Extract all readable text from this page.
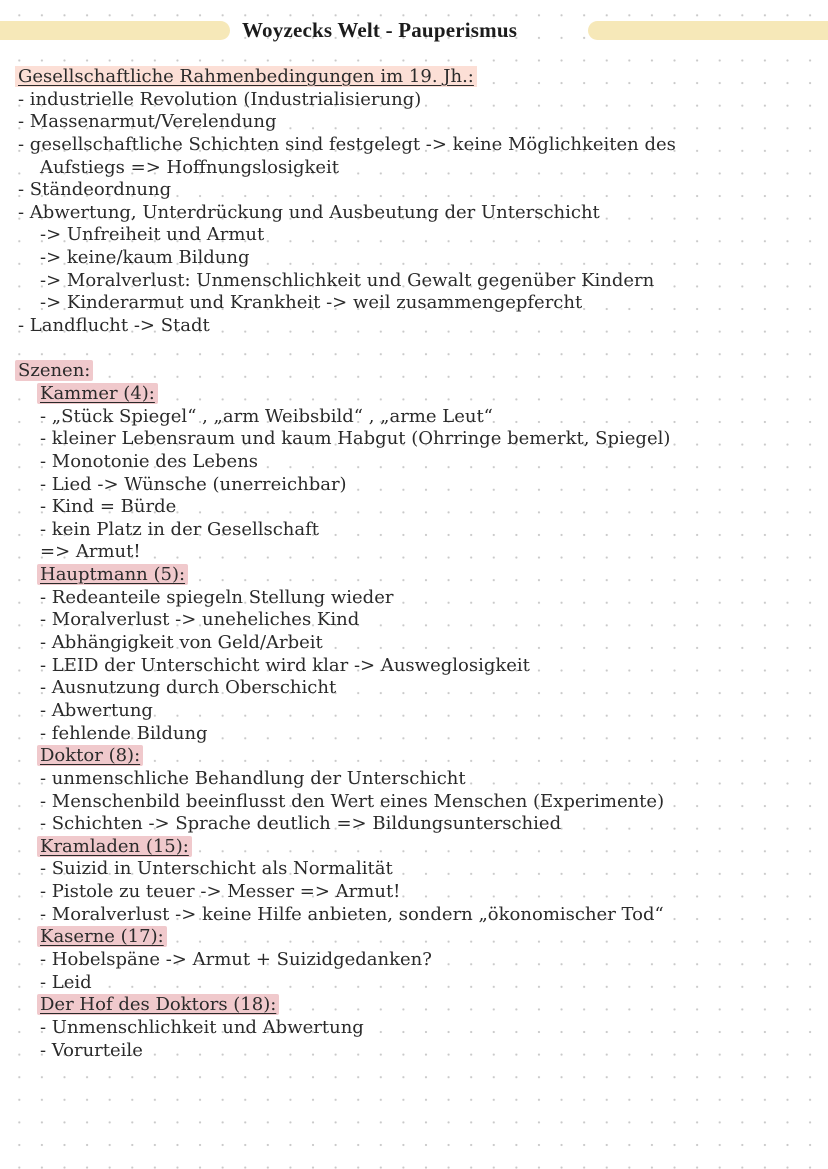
Woyzecks Welt - Pauperismus
Gesellschaftliche Rahmenbedingungen im 19. Jh.:
- industrielle Revolution (Industrialisierung)
- Massenarmut/Verelendung
- gesellschaftliche Schichten sind festgelegt -> keine Möglichkeiten des
Aufstiegs => Hoffnungslosigkeit
- Ständeordnung
- Abwertung, Unterdrückung und Ausbeutung der Unterschicht
-> Unfreiheit und Armut
-> keine/kaum Bildung
-> Moralverlust: Unmenschlichkeit und Gewalt gegenüber Kindern
-> Kinderarmut und Krankheit -> weil zusammengepfercht
- Landflucht -> Stadt
Szenen:
Kammer (4):
- „Stück Spiegel“ , „arm Weibsbild“ , „arme Leut“
- kleiner Lebensraum und kaum Habgut (Ohrringe bemerkt, Spiegel)
- Monotonie des Lebens
- Lied -> Wünsche (unerreichbar)
- Kind = Bürde
- kein Platz in der Gesellschaft
=> Armut!
Hauptmann (5):
- Redeanteile spiegeln Stellung wieder
- Moralverlust -> uneheliches Kind
- Abhängigkeit von Geld/Arbeit
- LEID der Unterschicht wird klar -> Ausweglosigkeit
- Ausnutzung durch Oberschicht
- Abwertung
- fehlende Bildung
Doktor (8):
- unmenschliche Behandlung der Unterschicht
- Menschenbild beeinflusst den Wert eines Menschen (Experimente)
- Schichten -> Sprache deutlich => Bildungsunterschied
Kramladen (15):
- Suizid in Unterschicht als Normalität
- Pistole zu teuer -> Messer => Armut!
- Moralverlust -> keine Hilfe anbieten, sondern „ökonomischer Tod“
Kaserne (17):
- Hobelspäne -> Armut + Suizidgedanken?
- Leid
Der Hof des Doktors (18):
- Unmenschlichkeit und Abwertung
- Vorurteile
